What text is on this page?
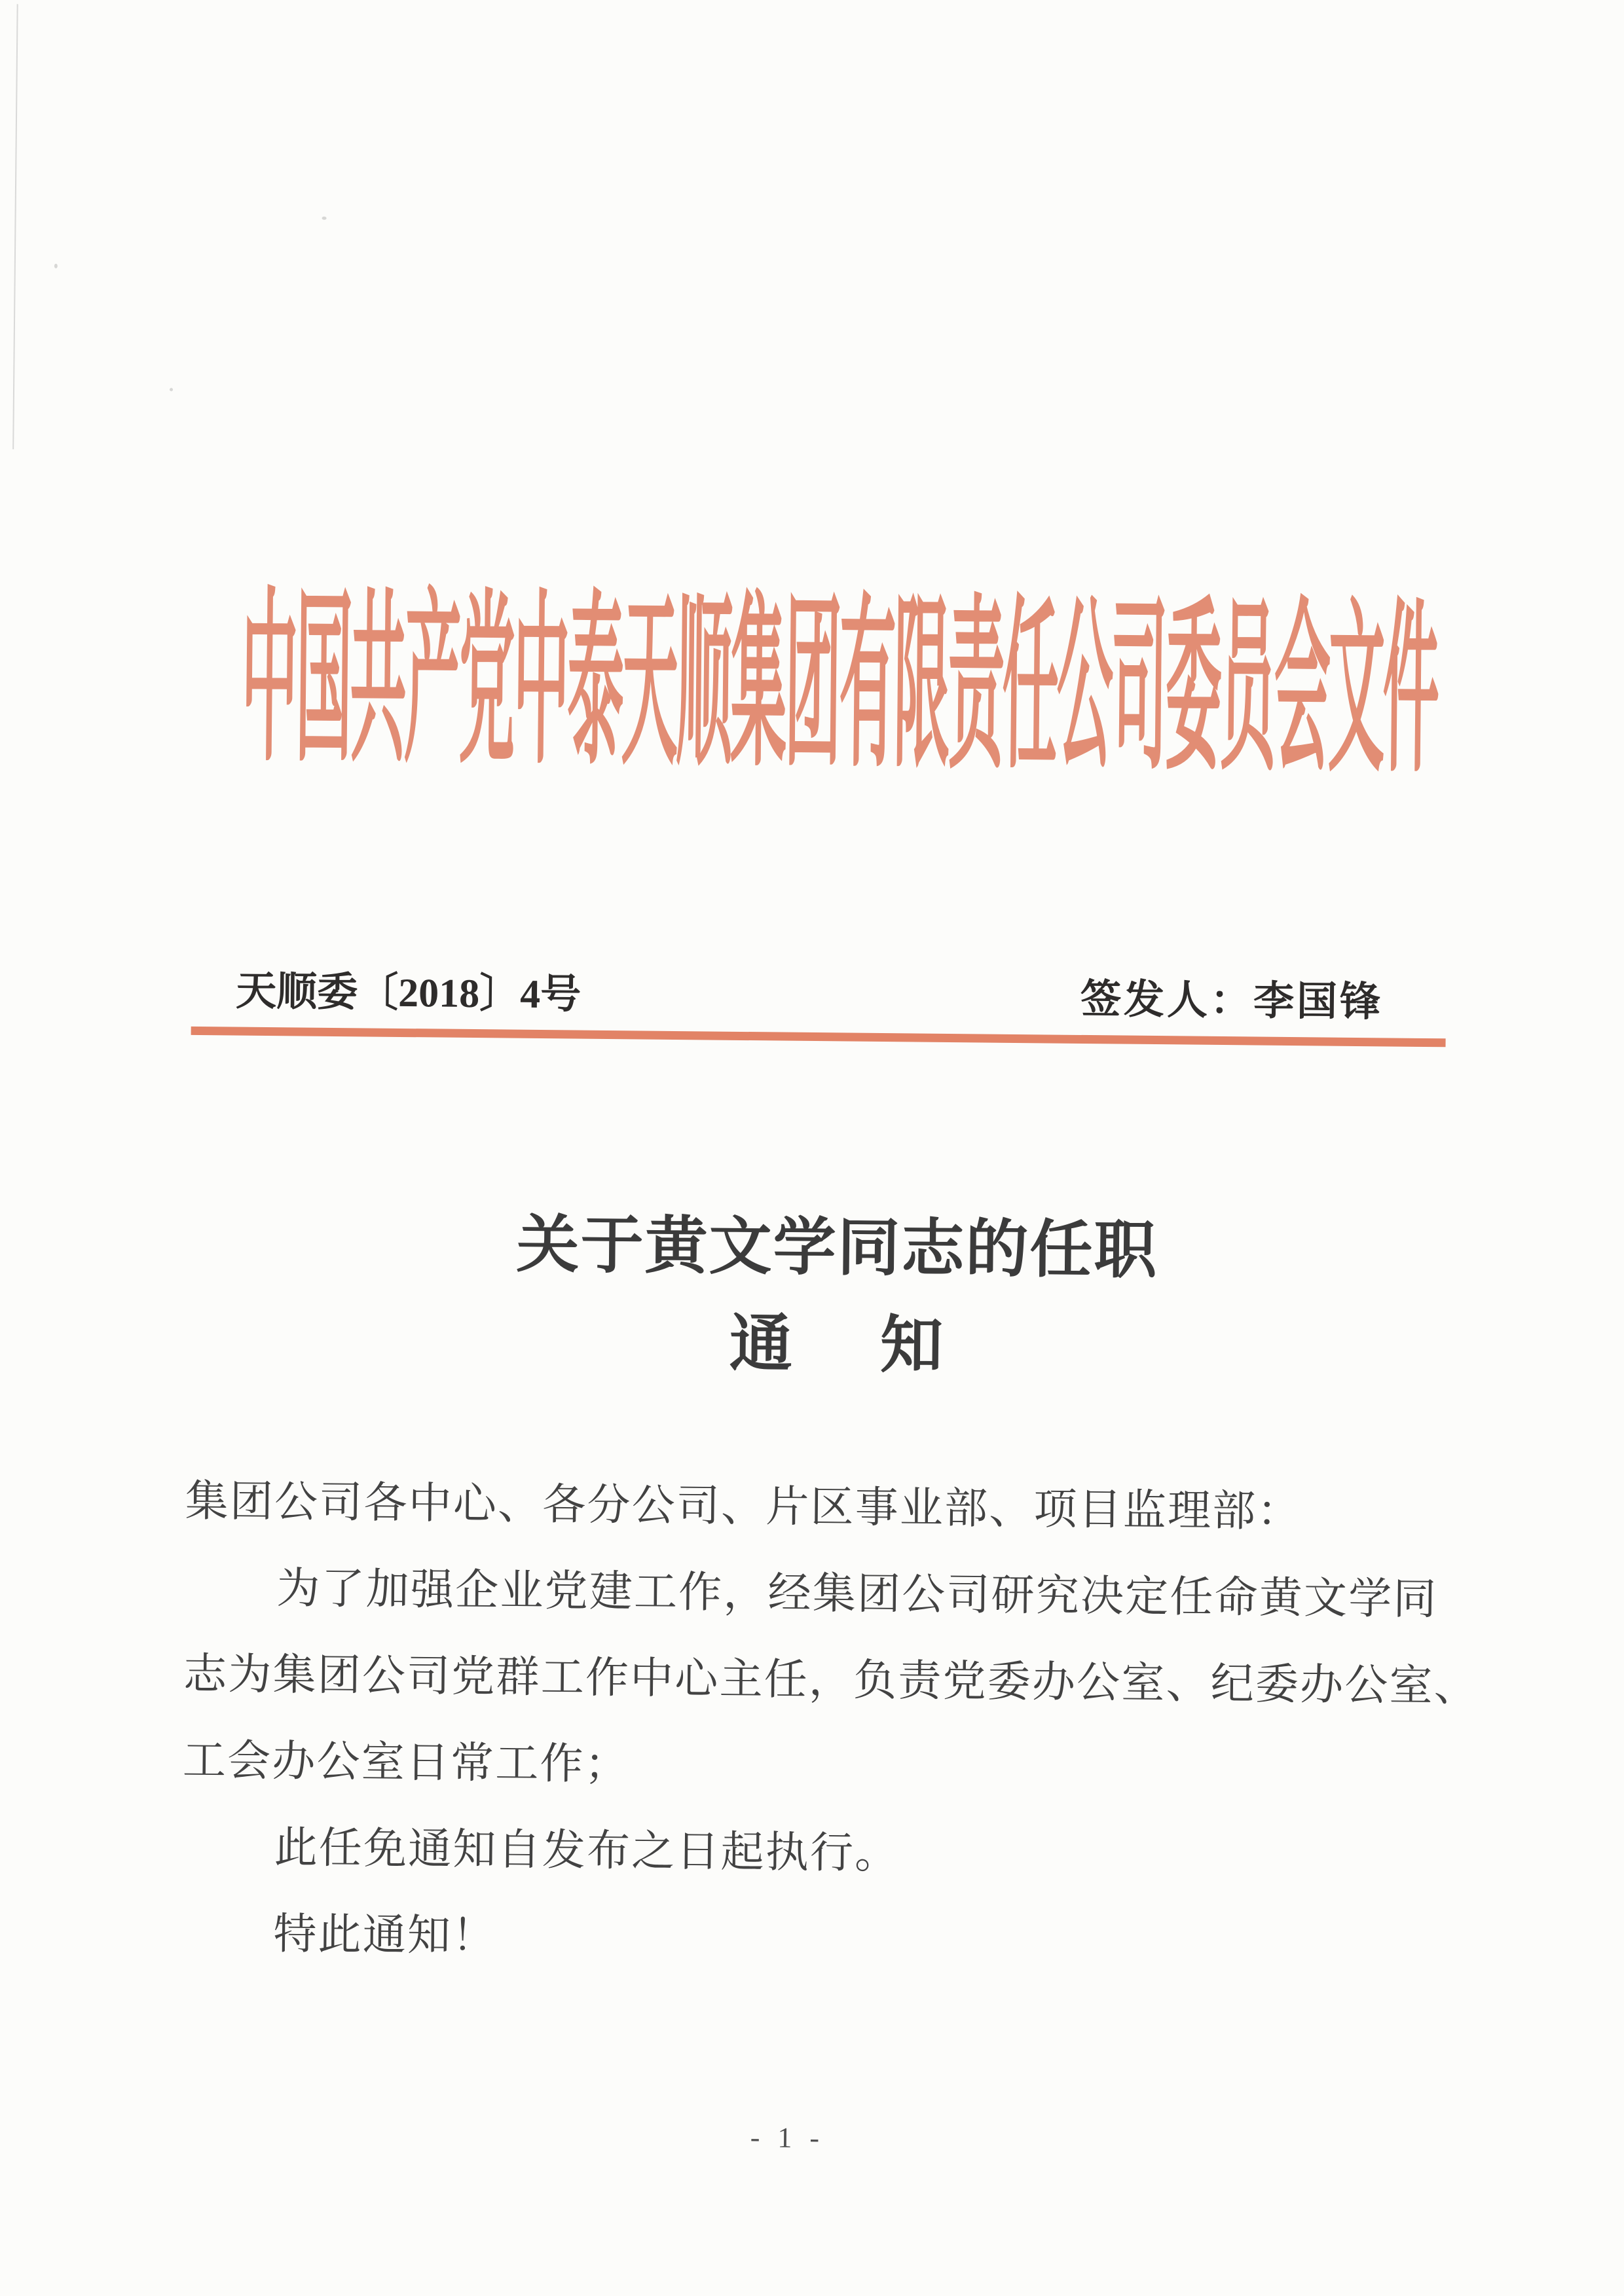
中国共产党中泰天顺集团有限责任公司委员会文件
天顺委〔2018〕4号	签发人：李国锋
关于黄文学同志的任职
通 知
集团公司各中心、各分公司、片区事业部、项目监理部：
为了加强企业党建工作，经集团公司研究决定任命黄文学同
志为集团公司党群工作中心主任，负责党委办公室、纪委办公室、
工会办公室日常工作；
此任免通知自发布之日起执行。
特此通知！
- 1 -
